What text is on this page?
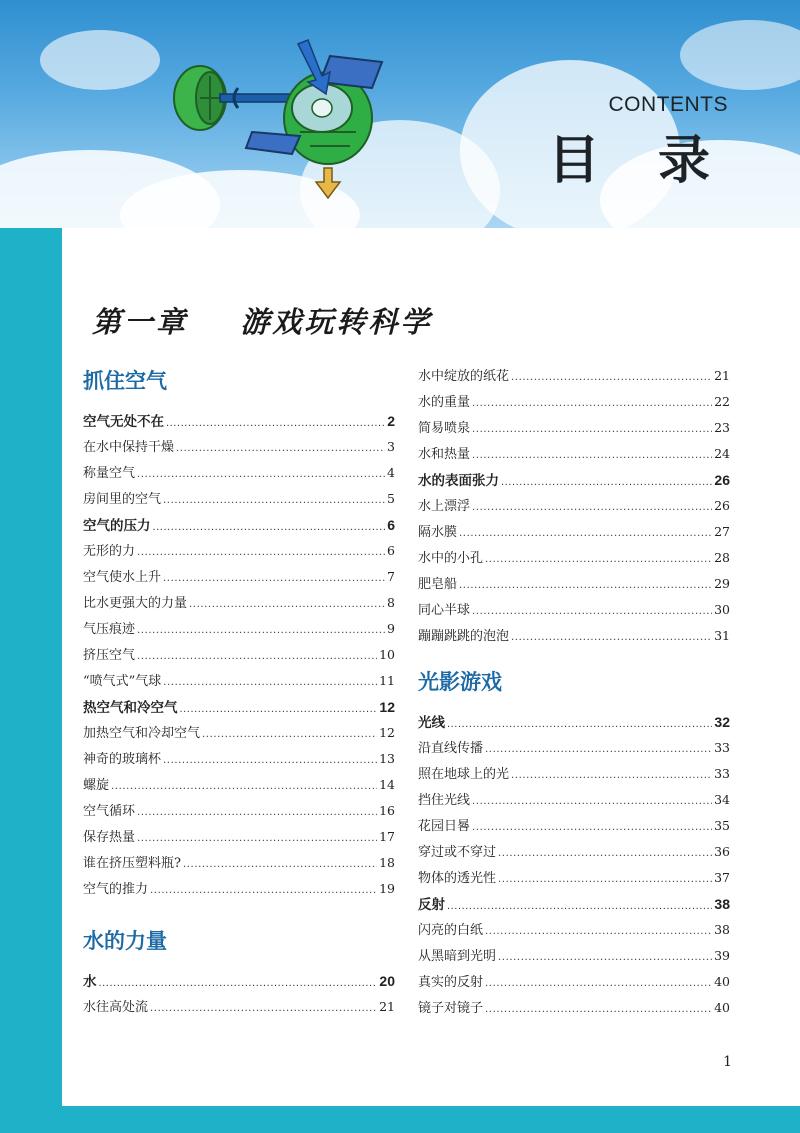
CONTENTS
目 录
第一章    游戏玩转科学
抓住空气
空气无处不在 .....	2
在水中保持干燥 .....	3
称量空气 .....	4
房间里的空气 .....	5
空气的压力 .....	6
无形的力 .....	6
空气使水上升 .....	7
比水更强大的力量 .....	8
气压痕迹 .....	9
挤压空气 .....	10
“喷气式”气球 .....	11
热空气和冷空气 .....	12
加热空气和冷却空气 .....	12
神奇的玻璃杯 .....	13
螺旋 .....	14
空气循环 .....	16
保存热量 .....	17
谁在挤压塑料瓶? .....	18
空气的推力 .....	19
水的力量
水 .....	20
水往高处流 .....	21
水中绽放的纸花 .....	21
水的重量 .....	22
简易喷泉 .....	23
水和热量 .....	24
水的表面张力 .....	26
水上漂浮 .....	26
隔水膜 .....	27
水中的小孔 .....	28
肥皂船 .....	29
同心半球 .....	30
蹦蹦跳跳的泡泡 .....	31
光影游戏
光线 .....	32
沿直线传播 .....	33
照在地球上的光 .....	33
挡住光线 .....	34
花园日晷 .....	35
穿过或不穿过 .....	36
物体的透光性 .....	37
反射 .....	38
闪亮的白纸 .....	38
从黑暗到光明 .....	39
真实的反射 .....	40
镜子对镜子 .....	40
1
